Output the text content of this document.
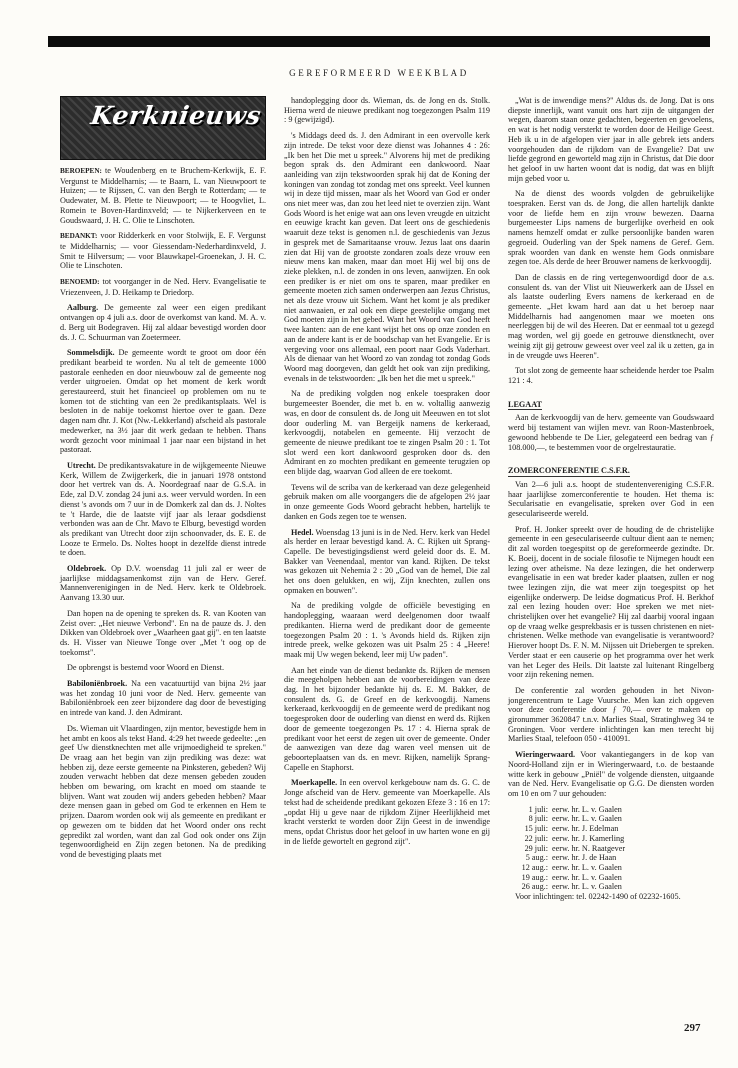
GEREFORMEERD WEEKBLAD
Kerknieuws

BEROEPEN: te Woudenberg en te Bruchem-Kerkwijk, E. F. Vergunst te Middelharnis; — te Baarn, L. van Nieuwpoort te Huizen; — te Rijssen, C. van den Bergh te Rotterdam; — te Oudewater, M. B. Plette te Nieuwpoort; — te Hoogvliet, L. Romein te Boven-Hardinxveld; — te Nijkerkerveen en te Goudswaard, J. H. C. Olie te Linschoten.

BEDANKT: voor Ridderkerk en voor Stolwijk, E. F. Vergunst te Middelharnis; — voor Giessendam-Nederhardinxveld, J. Smit te Hilversum; — voor Blauwkapel-Groenekan, J. H. C. Olie te Linschoten.

BENOEMD: tot voorganger in de Ned. Herv. Evangelisatie te Vriezenveen, J. D. Heikamp te Driedorp.

Aalburg. De gemeente zal weer een eigen predikant ontvangen op 4 juli a.s. door de overkomst van kand. M. A. v. d. Berg uit Bodegraven. Hij zal aldaar bevestigd worden door ds. J. C. Schuurman van Zoetermeer.

Sommelsdijk. De gemeente wordt te groot om door één predikant bearbeid te worden. Nu al telt de gemeente 1000 pastorale eenheden en door nieuwbouw zal de gemeente nog verder uitgroeien. Omdat op het moment de kerk wordt gerestaureerd, stuit het financieel op problemen om nu te komen tot de stichting van een 2e predikantsplaats. Wel is besloten in de nabije toekomst hiertoe over te gaan. Deze dagen nam dhr. J. Kot (Nw.-Lekkerland) afscheid als pastorale medewerker, na 3½ jaar dit werk gedaan te hebben. Thans wordt gezocht voor minimaal 1 jaar naar een bijstand in het pastoraat.

Utrecht. De predikantsvakature in de wijkgemeente Nieuwe Kerk, Willem de Zwijgerkerk, die in januari 1978 ontstond door het vertrek van ds. A. Noordegraaf naar de G.S.A. in Ede, zal D.V. zondag 24 juni a.s. weer vervuld worden. In een dienst 's avonds om 7 uur in de Domkerk zal dan ds. J. Noltes te 't Harde, die de laatste vijf jaar als leraar godsdienst verbonden was aan de Chr. Mavo te Elburg, bevestigd worden als predikant van Utrecht door zijn schoonvader, ds. E. E. de Looze te Ermelo. Ds. Noltes hoopt in dezelfde dienst intrede te doen.

Oldebroek. Op D.V. woensdag 11 juli zal er weer de jaarlijkse middagsamenkomst zijn van de Herv. Geref. Mannenverenigingen in de Ned. Herv. kerk te Oldebroek. Aanvang 13.30 uur.

Dan hopen na de opening te spreken ds. R. van Kooten van Zeist over: „Het nieuwe Verbond". En na de pauze ds. J. den Dikken van Oldebroek over „Waarheen gaat gij". en ten laatste ds. H. Visser van Nieuwe Tonge over „Met 't oog op de toekomst".

De opbrengst is bestemd voor Woord en Dienst.

Babiloniënbroek. Na een vacatuurtijd van bijna 2½ jaar was het zondag 10 juni voor de Ned. Herv. gemeente van Babiloniënbroek een zeer bijzondere dag door de bevestiging en intrede van kand. J. den Admirant.

Ds. Wieman uit Vlaardingen, zijn mentor, bevestigde hem in het ambt en koos als tekst Hand. 4:29 het tweede gedeelte: „en geef Uw dienstknechten met alle vrijmoedigheid te spreken." De vraag aan het begin van zijn prediking was deze: wat hebben zij, deze eerste gemeente na Pinksteren, gebeden? Wij zouden verwacht hebben dat deze mensen gebeden zouden hebben om bewaring, om kracht en moed om staande te blijven. Want wat zouden wij anders gebeden hebben? Maar deze mensen gaan in gebed om God te erkennen en Hem te prijzen. Daarom worden ook wij als gemeente en predikant er op gewezen om te bidden dat het Woord onder ons recht gepredikt zal worden, want dan zal God ook onder ons Zijn tegenwoordigheid en Zijn zegen betonen. Na de prediking vond de bevestiging plaats met

handoplegging door ds. Wieman, ds. de Jong en ds. Stolk. Hierna werd de nieuwe predikant nog toegezongen Psalm 119 : 9 (gewijzigd).

's Middags deed ds. J. den Admirant in een overvolle kerk zijn intrede. De tekst voor deze dienst was Johannes 4 : 26: „Ik ben het Die met u spreek." Alvorens hij met de prediking begon sprak ds. den Admirant een dankwoord. Naar aanleiding van zijn tekstwoorden sprak hij dat de Koning der koningen van zondag tot zondag met ons spreekt. Veel kunnen wij in deze tijd missen, maar als het Woord van God er onder ons niet meer was, dan zou het leed niet te overzien zijn. Want Gods Woord is het enige wat aan ons leven vreugde en uitzicht en eeuwige kracht kan geven. Dat leert ons de geschiedenis waaruit deze tekst is genomen n.l. de geschiedenis van Jezus in gesprek met de Samaritaanse vrouw. Jezus laat ons daarin zien dat Hij van de grootste zondaren zoals deze vrouw een nieuw mens kan maken, maar dan moet Hij wel bij ons de zieke plekken, n.l. de zonden in ons leven, aanwijzen. En ook een prediker is er niet om ons te sparen, maar prediker en gemeente moeten zich samen onderwerpen aan Jezus Christus, net als deze vrouw uit Sichem. Want het komt je als prediker niet aanwaaien, er zal ook een diepe geestelijke omgang met God moeten zijn in het gebed. Want het Woord van God heeft twee kanten: aan de ene kant wijst het ons op onze zonden en aan de andere kant is er de boodschap van het Evangelie. Er is vergeving voor ons allemaal, een poort naar Gods Vaderhart. Als de dienaar van het Woord zo van zondag tot zondag Gods Woord mag doorgeven, dan geldt het ook van zijn prediking, evenals in de tekstwoorden: „Ik ben het die met u spreek."

Na de prediking volgden nog enkele toespraken door burgemeester Boender, die met b. en w. voltallig aanwezig was, en door de consulent ds. de Jong uit Meeuwen en tot slot door ouderling M. van Bergeijk namens de kerkeraad, kerkvoogdij, notabelen en gemeente. Hij verzocht de gemeente de nieuwe predikant toe te zingen Psalm 20 : 1. Tot slot werd een kort dankwoord gesproken door ds. den Admirant en zo mochten predikant en gemeente terugzien op een blijde dag, waarvan God alleen de ere toekomt.

Tevens wil de scriba van de kerkeraad van deze gelegenheid gebruik maken om alle voorgangers die de afgelopen 2½ jaar in onze gemeente Gods Woord gebracht hebben, hartelijk te danken en Gods zegen toe te wensen.

Hedel. Woensdag 13 juni is in de Ned. Herv. kerk van Hedel als herder en leraar bevestigd kand. A. C. Rijken uit Sprang-Capelle. De bevestigingsdienst werd geleid door ds. E. M. Bakker van Veenendaal, mentor van kand. Rijken. De tekst was gekozen uit Nehemia 2 : 20 „God van de hemel, Die zal het ons doen gelukken, en wij, Zijn knechten, zullen ons opmaken en bouwen".

Na de prediking volgde de officiële bevestiging en handoplegging, waaraan werd deelgenomen door twaalf predikanten. Hierna werd de predikant door de gemeente toegezongen Psalm 20 : 1. 's Avonds hield ds. Rijken zijn intrede preek, welke gekozen was uit Psalm 25 : 4 „Heere! maak mij Uw wegen bekend, leer mij Uw paden".

Aan het einde van de dienst bedankte ds. Rijken de mensen die meegeholpen hebben aan de voorbereidingen van deze dag. In het bijzonder bedankte hij ds. E. M. Bakker, de consulent ds. G. de Greef en de kerkvoogdij. Namens kerkeraad, kerkvoogdij en de gemeente werd de predikant nog toegesproken door de ouderling van dienst en werd ds. Rijken door de gemeente toegezongen Ps. 17 : 4. Hierna sprak de predikant voor het eerst de zegen uit over de gemeente. Onder de aanwezigen van deze dag waren veel mensen uit de geboorteplaatsen van ds. en mevr. Rijken, namelijk Sprang-Capelle en Staphorst.

Moerkapelle. In een overvol kerkgebouw nam ds. G. C. de Jonge afscheid van de Herv. gemeente van Moerkapelle. Als tekst had de scheidende predikant gekozen Efeze 3 : 16 en 17: „opdat Hij u geve naar de rijkdom Zijner Heerlijkheid met kracht versterkt te worden door Zijn Geest in de inwendige mens, opdat Christus door het geloof in uw harten wone en gij in de liefde gewortelt en gegrond zijt".

„Wat is de inwendige mens?" Aldus ds. de Jong. Dat is ons diepste innerlijk, want vanuit ons hart zijn de uitgangen der wegen, daarom staan onze gedachten, begeerten en gevoelens, en wat is het nodig versterkt te worden door de Heilige Geest. Heb ik u in de afgelopen vier jaar in alle gebrek iets anders voorgehouden dan de rijkdom van de Evangelie? Dat uw liefde gegrond en geworteld mag zijn in Christus, dat Die door het geloof in uw harten woont dat is nodig, dat was en blijft mijn gebed voor u.

Na de dienst des woords volgden de gebruikelijke toespraken. Eerst van ds. de Jong, die allen hartelijk dankte voor de liefde hem en zijn vrouw bewezen. Daarna burgemeester Lips namens de burgerlijke overheid en ook namens hemzelf omdat er zulke persoonlijke banden waren gegroeid. Ouderling van der Spek namens de Geref. Gem. sprak woorden van dank en wenste hem Gods onmisbare zegen toe. Als derde de heer Brouwer namens de kerkvoogdij.

Dan de classis en de ring vertegenwoordigd door de a.s. consulent ds. van der Vlist uit Nieuwerkerk aan de IJssel en als laatste ouderling Evers namens de kerkeraad en de gemeente. „Het kwam hard aan dat u het beroep naar Middelharnis had aangenomen maar we moeten ons neerleggen bij de wil des Heeren. Dat er eenmaal tot u gezegd mag worden, wel gij goede en getrouwe dienstknecht, over weinig zijt gij getrouw geweest over veel zal ik u zetten, ga in in de vreugde uws Heeren".

Tot slot zong de gemeente haar scheidende herder toe Psalm 121 : 4.

LEGAAT

Aan de kerkvoogdij van de herv. gemeente van Goudswaard werd bij testament van wijlen mevr. van Roon-Mastenbroek, gewoond hebbende te De Lier, gelegateerd een bedrag van ƒ 108.000,—, te bestemmen voor de orgelrestauratie.

ZOMERCONFERENTIE C.S.F.R.

Van 2—6 juli a.s. hoopt de studentenvereniging C.S.F.R. haar jaarlijkse zomerconferentie te houden. Het thema is: Secularisatie en evangelisatie, spreken over God in een geseculariseerde wereld.

Prof. H. Jonker spreekt over de houding de de christelijke gemeente in een geseculariseerde cultuur dient aan te nemen; dit zal worden toegespitst op de gereformeerde gezindte. Dr. K. Boeij, docent in de sociale filosofie te Nijmegen houdt een lezing over atheïsme. Na deze lezingen, die het onderwerp evangelisatie in een wat breder kader plaatsen, zullen er nog twee lezingen zijn, die wat meer zijn toegespitst op het eigenlijke onderwerp. De leidse dogmaticus Prof. H. Berkhof zal een lezing houden over: Hoe spreken we met niet-christelijken over het evangelie? Hij zal daarbij vooral ingaan op de vraag welke gesprekbasis er is tussen christenen en niet-christenen. Welke methode van evangelisatie is verantwoord? Hierover hoopt Ds. F. N. M. Nijssen uit Driebergen te spreken. Verder staat er een causerie op het programma over het werk van het Leger des Heils. Dit laatste zal luitenant Ringelberg voor zijn rekening nemen.

De conferentie zal worden gehouden in het Nivon-jongerencentrum te Lage Vuursche. Men kan zich opgeven voor deze conferentie door ƒ 70,— over te maken op gironummer 3620847 t.n.v. Marlies Staal, Stratinghweg 34 te Groningen. Voor verdere inlichtingen kan men terecht bij Marlies Staal, telefoon 050 - 410091.

Wieringerwaard. Voor vakantiegangers in de kop van Noord-Holland zijn er in Wieringerwaard, t.o. de bestaande witte kerk in gebouw „Pniël" de volgende diensten, uitgaande van de Ned. Herv. Evangelisatie op G.G. De diensten worden om 10 en om 7 uur gehouden:

1 juli:	eerw. hr. L. v. Gaalen
8 juli:	eerw. hr. L. v. Gaalen
15 juli:	eerw. hr. J. Edelman
22 juli:	eerw. hr. J. Kamerling
29 juli:	eerw. hr. N. Raatgever
5 aug.:	eerw. hr. J. de Haan
12 aug.:	eerw. hr. L. v. Gaalen
19 aug.:	eerw. hr. L. v. Gaalen
26 aug.:	eerw. hr. L. v. Gaalen

Voor inlichtingen: tel. 02242-1490 of 02232-1605.

297
